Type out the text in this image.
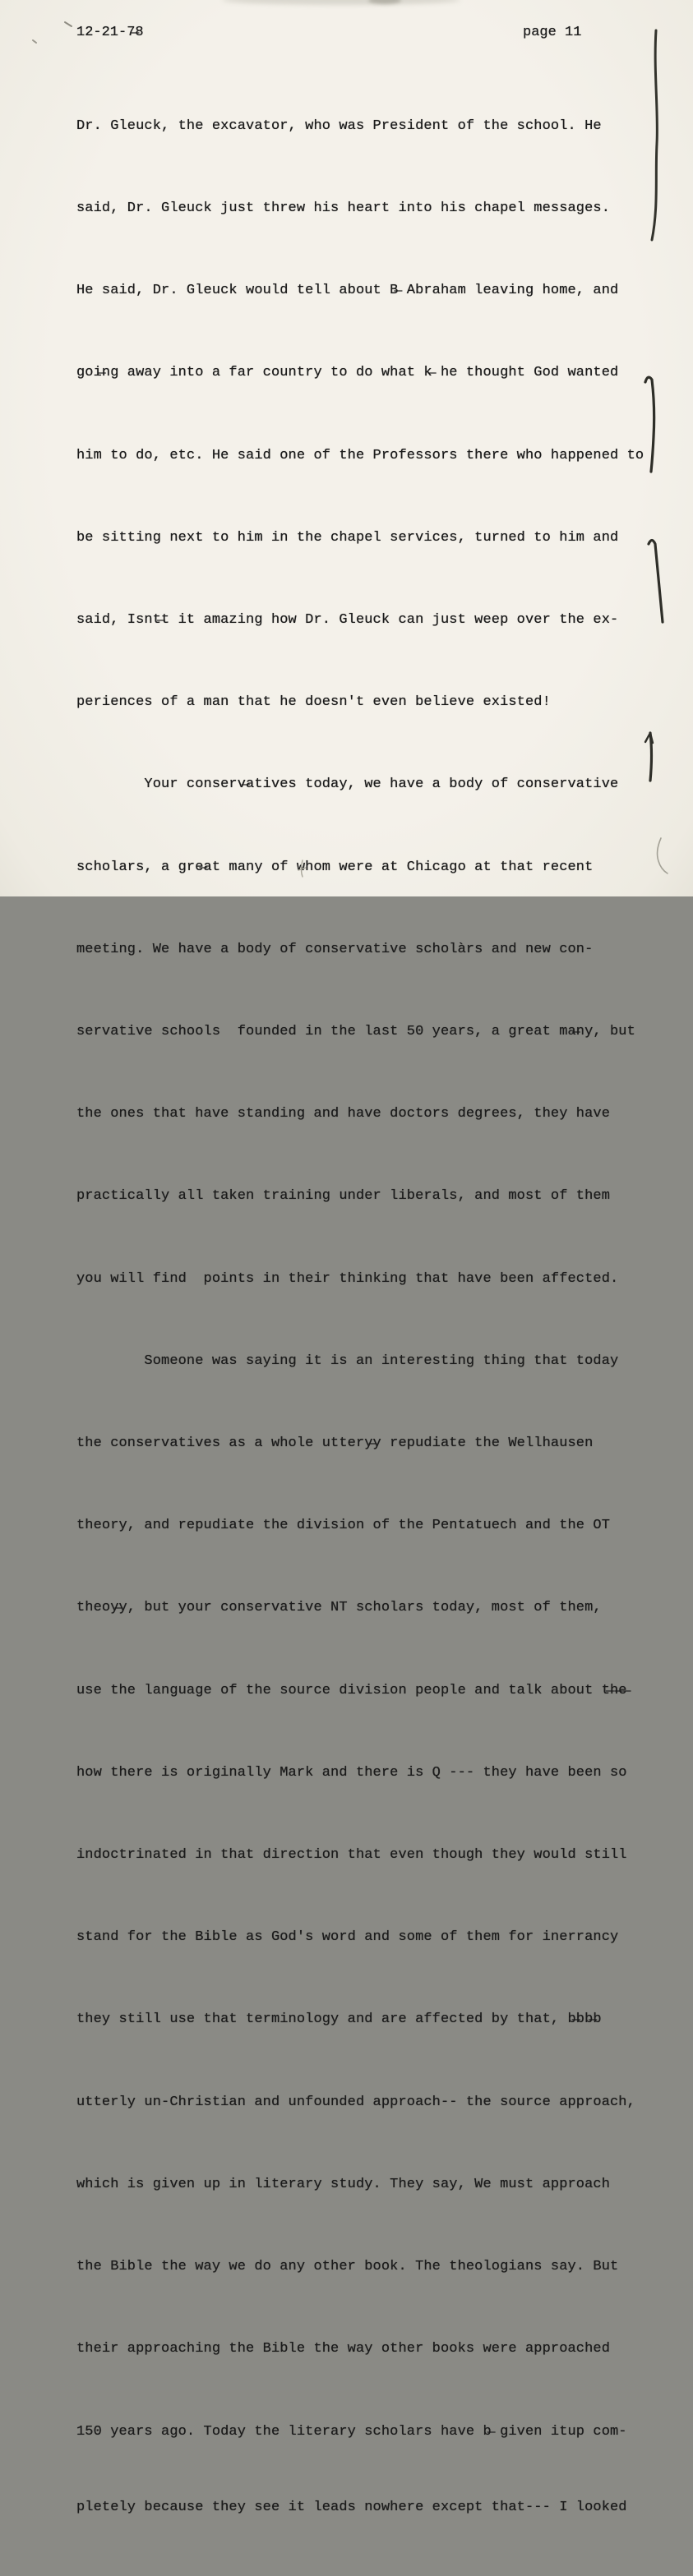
12-21-7̶8	page 11

Dr. Gleuck, the excavator, who was President of the school. He

said, Dr. Gleuck just threw his heart into his chapel messages.

He said, Dr. Gleuck would tell about B̶ Abraham leaving home, and

goi̶ng away into a far country to do what k̶ he thought God wanted

him to do, etc. He said one of the Professors there who happened to

be sitting next to him in the chapel services, turned to him and

said, Isnt̶t it amazing how Dr. Gleuck can just weep over the ex-

periences of a man that he doesn't even believe existed!

Your conserv̶atives today, we have a body of conservative

scholars, a gre̶at many of whom were at Chicago at that recent

meeting. We have a body of conservative scholàrs and new con-

servative schools  founded in the last 50 years, a great ma̶ny, but

the ones that have standing and have doctors degrees, they have

practically all taken training under liberals, and most of them

you will find  points in their thinking that have been affected.

Someone was saying it is an interesting thing that today

the conservatives as a whole uttery̶y repudiate the Wellhausen

theory, and repudiate the division of the Pentatuech and the OT

theoy̶y, but your conservative NT scholars today, most of them,

use the language of the source division people and talk about t̶h̶e̶

how there is originally Mark and there is Q --- they have been so

indoctrinated in that direction that even though they would still

stand for the Bible as God's word and some of them for inerrancy

they still use that terminology and are affected by that, b̶bb̶b

utterly un-Christian and unfounded approach-- the source approach,

which is given up in literary study. They say, We must approach

the Bible the way we do any other book. The theologians say. But

their approaching the Bible the way other books were approached

150 years ago. Today the literary scholars have b̶ given itup com-

pletely because they see it leads nowhere except that--- I looked
